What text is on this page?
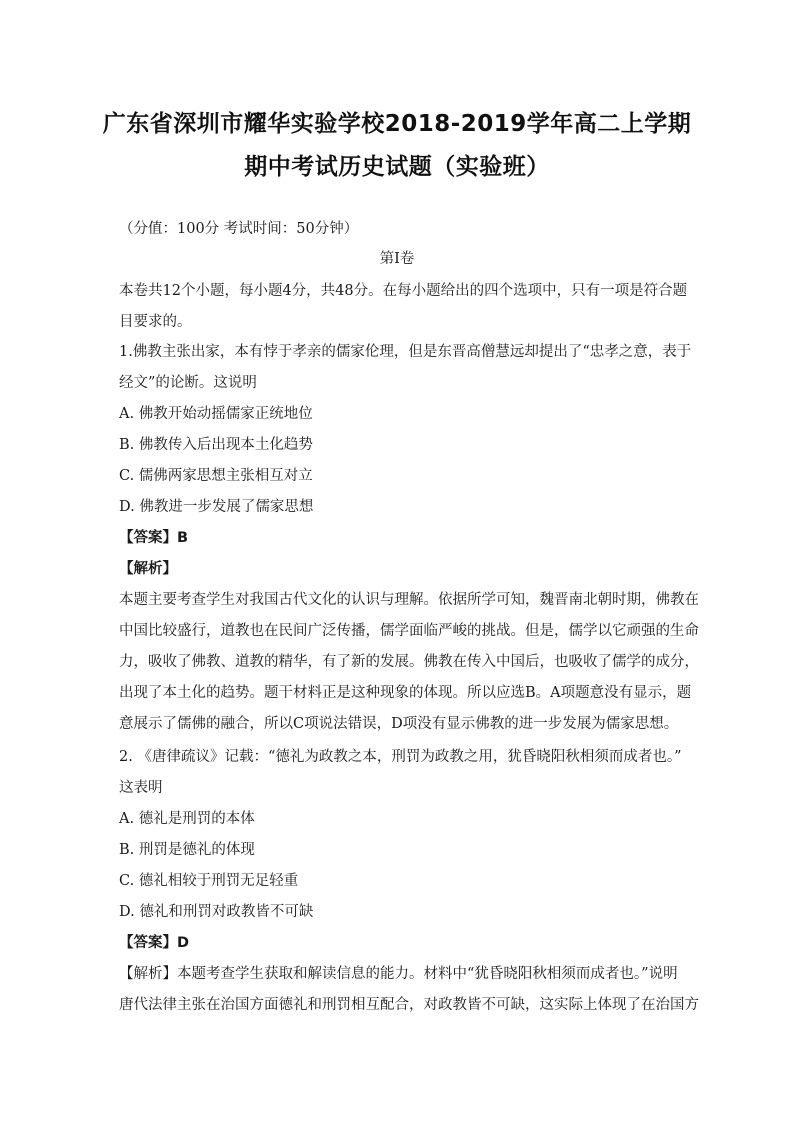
广东省深圳市耀华实验学校2018-2019学年高二上学期
期中考试历史试题（实验班）
（分值：100分 考试时间：50分钟）
第Ⅰ卷
本卷共12个小题，每小题4分，共48分。在每小题给出的四个选项中，只有一项是符合题
目要求的。
1.佛教主张出家，本有悖于孝亲的儒家伦理，但是东晋高僧慧远却提出了“忠孝之意，表于
经文”的论断。这说明
A. 佛教开始动摇儒家正统地位
B. 佛教传入后出现本土化趋势
C. 儒佛两家思想主张相互对立
D. 佛教进一步发展了儒家思想
【答案】B
【解析】
本题主要考查学生对我国古代文化的认识与理解。依据所学可知，魏晋南北朝时期，佛教在
中国比较盛行，道教也在民间广泛传播，儒学面临严峻的挑战。但是，儒学以它顽强的生命
力，吸收了佛教、道教的精华，有了新的发展。佛教在传入中国后，也吸收了儒学的成分，
出现了本土化的趋势。题干材料正是这种现象的体现。所以应选B。A项题意没有显示，题
意展示了儒佛的融合，所以C项说法错误，D项没有显示佛教的进一步发展为儒家思想。
2. 《唐律疏议》记载：“德礼为政教之本，刑罚为政教之用，犹昏晓阳秋相须而成者也。”
这表明
A. 德礼是刑罚的本体
B. 刑罚是德礼的体现
C. 德礼相较于刑罚无足轻重
D. 德礼和刑罚对政教皆不可缺
【答案】D
【解析】本题考查学生获取和解读信息的能力。材料中“犹昏晓阳秋相须而成者也。”说明
唐代法律主张在治国方面德礼和刑罚相互配合，对政教皆不可缺，这实际上体现了在治国方
